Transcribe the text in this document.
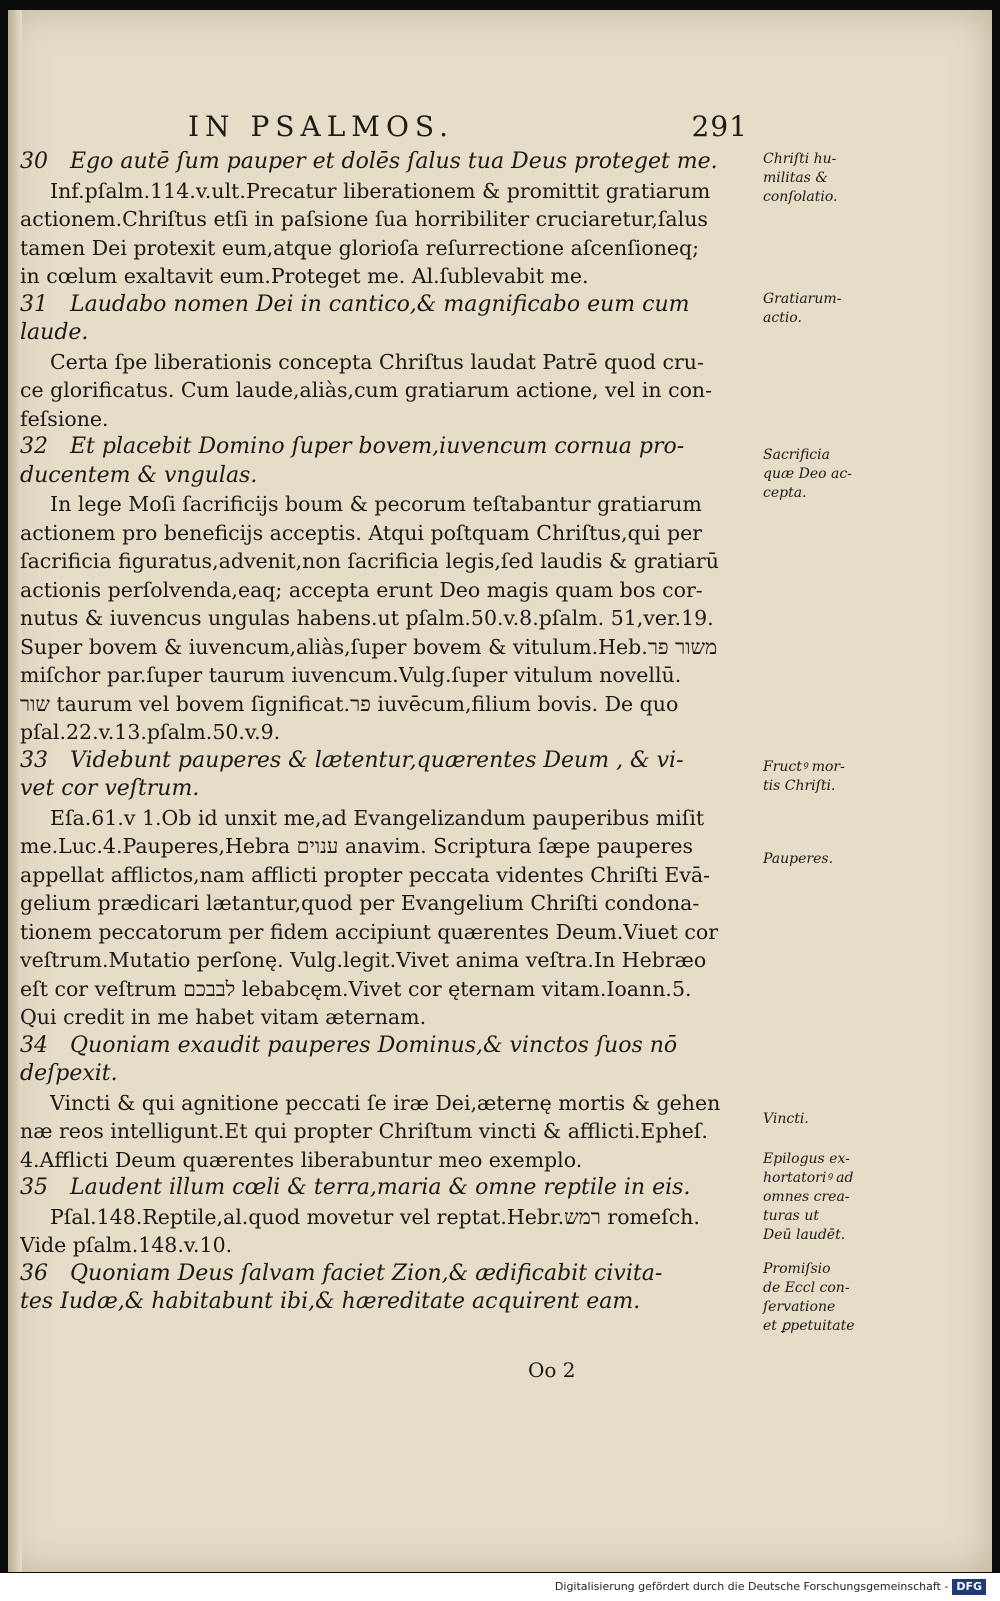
IN PSALMOS.	291
30 Ego autē ſum pauper et dolēs ſalus tua Deus proteget me.
Inf.pſalm.114.v.ult.Precatur liberationem & promittit gratiarum
actionem.Chriſtus etſi in paſsione ſua horribiliter cruciaretur,ſalus
tamen Dei protexit eum,atque glorioſa reſurrectione aſcenſioneq;
in cœlum exaltavit eum.Proteget me. Al.ſublevabit me.
31 Laudabo nomen Dei in cantico,& magnificabo eum cum
laude.
Certa ſpe liberationis concepta Chriſtus laudat Patrē quod cru-
ce glorificatus. Cum laude,aliàs,cum gratiarum actione, vel in con-
feſsione.
32 Et placebit Domino ſuper bovem,iuvencum cornua pro-
ducentem & vngulas.
In lege Moſi ſacrificijs boum & pecorum teſtabantur gratiarum
actionem pro beneficijs acceptis. Atqui poſtquam Chriſtus,qui per
ſacrificia figuratus,advenit,non ſacrificia legis,ſed laudis & gratiarū
actionis perſolvenda,eaq; accepta erunt Deo magis quam bos cor-
nutus & iuvencus ungulas habens.ut pſalm.50.v.8.pſalm. 51,ver.19.
Super bovem & iuvencum,aliàs,ſuper bovem & vitulum.Heb.משור פר
miſchor par.ſuper taurum iuvencum.Vulg.ſuper vitulum novellū.
שור taurum vel bovem ſignificat.פר iuvēcum,filium bovis. De quo
pſal.22.v.13.pſalm.50.v.9.
33 Videbunt pauperes & lætentur,quærentes Deum , & vi-
vet cor veſtrum.
Eſa.61.v 1.Ob id unxit me,ad Evangelizandum pauperibus miſit
me.Luc.4.Pauperes,Hebra ענוים anavim. Scriptura ſæpe pauperes
appellat afflictos,nam afflicti propter peccata videntes Chriſti Evā-
gelium prædicari lætantur,quod per Evangelium Chriſti condona-
tionem peccatorum per fidem accipiunt quærentes Deum.Viuet cor
veſtrum.Mutatio perſonę. Vulg.legit.Vivet anima veſtra.In Hebræo
eſt cor veſtrum לבבכם lebabcęm.Vivet cor ęternam vitam.Ioann.5.
Qui credit in me habet vitam æternam.
34 Quoniam exaudit pauperes Dominus,& vinctos ſuos nō
deſpexit.
Vincti & qui agnitione peccati ſe iræ Dei,æternę mortis & gehen
næ reos intelligunt.Et qui propter Chriſtum vincti & afflicti.Epheſ.
4.Afflicti Deum quærentes liberabuntur meo exemplo.
35 Laudent illum cœli & terra,maria & omne reptile in eis.
Pſal.148.Reptile,al.quod movetur vel reptat.Hebr.רמש romeſch.
Vide pſalm.148.v.10.
36 Quoniam Deus ſalvam faciet Zion,& ædificabit civita-
tes Iudæ,& habitabunt ibi,& hæreditate acquirent eam.
Chriſti hu-
militas &
conſolatio.
Gratiarum-
actio.
Sacrificia
quæ Deo ac-
cepta.
Fructꝰ mor-
tis Chriſti.
Pauperes.
Vincti.
Epilogus ex-
hortatoriꝰ ad
omnes crea-
turas ut
Deū laudēt.
Promiſsio
de Eccl con-
ſervatione
et ꝑpetuitate
Oo 2
Digitalisierung gefördert durch die Deutsche Forschungsgemeinschaft - DFG
